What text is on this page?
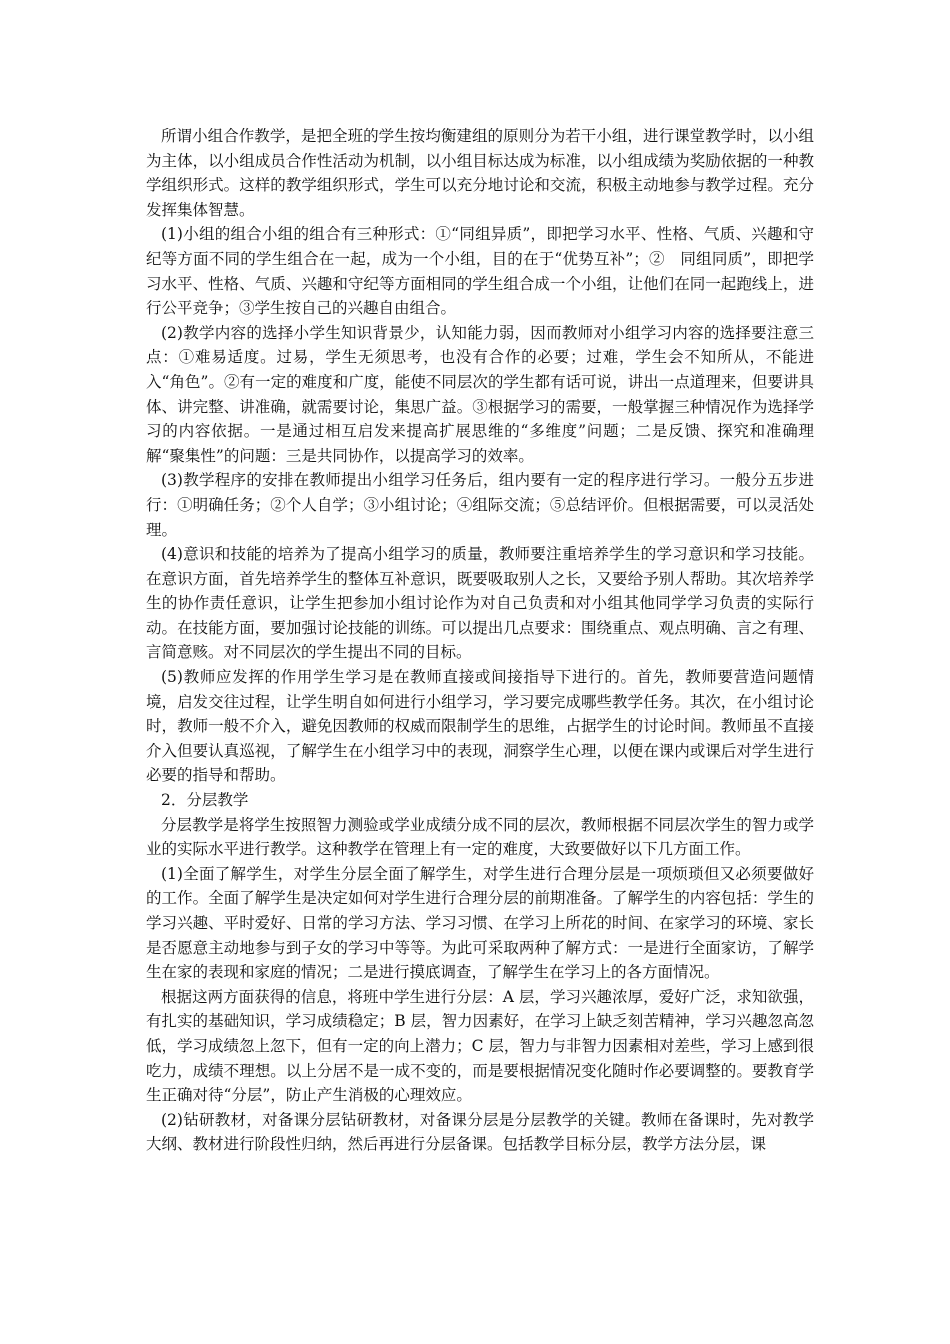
所谓小组合作教学，是把全班的学生按均衡建组的原则分为若干小组，进行课堂教学时，以小组为主体，以小组成员合作性活动为机制，以小组目标达成为标准，以小组成绩为奖励依据的一种教学组织形式。这样的教学组织形式，学生可以充分地讨论和交流，积极主动地参与教学过程。充分发挥集体智慧。

(1)小组的组合小组的组合有三种形式：①“同组异质”，即把学习水平、性格、气质、兴趣和守纪等方面不同的学生组合在一起，成为一个小组，目的在于“优势互补”；②　同组同质”，即把学习水平、性格、气质、兴趣和守纪等方面相同的学生组合成一个小组，让他们在同一起跑线上，进行公平竞争；③学生按自己的兴趣自由组合。

(2)教学内容的选择小学生知识背景少，认知能力弱，因而教师对小组学习内容的选择要注意三点：①难易适度。过易，学生无须思考，也没有合作的必要；过难，学生会不知所从，不能进入“角色”。②有一定的难度和广度，能使不同层次的学生都有话可说，讲出一点道理来，但要讲具体、讲完整、讲准确，就需要讨论，集思广益。③根据学习的需要，一般掌握三种情况作为选择学习的内容依据。一是通过相互启发来提高扩展思维的“多维度”问题；二是反馈、探究和准确理解“聚集性”的问题：三是共同协作，以提高学习的效率。

(3)教学程序的安排在教师提出小组学习任务后，组内要有一定的程序进行学习。一般分五步进行：①明确任务；②个人自学；③小组讨论；④组际交流；⑤总结评价。但根据需要，可以灵活处理。

(4)意识和技能的培养为了提高小组学习的质量，教师要注重培养学生的学习意识和学习技能。在意识方面，首先培养学生的整体互补意识，既要吸取别人之长，又要给予别人帮助。其次培养学生的协作责任意识，让学生把参加小组讨论作为对自己负责和对小组其他同学学习负责的实际行动。在技能方面，要加强讨论技能的训练。可以提出几点要求：围绕重点、观点明确、言之有理、言简意赅。对不同层次的学生提出不同的目标。

(5)教师应发挥的作用学生学习是在教师直接或间接指导下进行的。首先，教师要营造问题情境，启发交往过程，让学生明自如何进行小组学习，学习要完成哪些教学任务。其次，在小组讨论时，教师一般不介入，避免因教师的权威而限制学生的思维，占据学生的讨论时间。教师虽不直接介入但要认真巡视，了解学生在小组学习中的表现，洞察学生心理，以便在课内或课后对学生进行必要的指导和帮助。

2．分层教学

分层教学是将学生按照智力测验或学业成绩分成不同的层次，教师根据不同层次学生的智力或学业的实际水平进行教学。这种教学在管理上有一定的难度，大致要做好以下几方面工作。

(1)全面了解学生，对学生分层全面了解学生，对学生进行合理分层是一项烦琐但又必须要做好的工作。全面了解学生是决定如何对学生进行合理分层的前期准备。了解学生的内容包括：学生的学习兴趣、平时爱好、日常的学习方法、学习习惯、在学习上所花的时间、在家学习的环境、家长是否愿意主动地参与到子女的学习中等等。为此可采取两种了解方式：一是进行全面家访，了解学生在家的表现和家庭的情况；二是进行摸底调查，了解学生在学习上的各方面情况。

根据这两方面获得的信息，将班中学生进行分层：A 层，学习兴趣浓厚，爱好广泛，求知欲强，有扎实的基础知识，学习成绩稳定；B 层，智力因素好，在学习上缺乏刻苦精神，学习兴趣忽高忽低，学习成绩忽上忽下，但有一定的向上潜力；C 层，智力与非智力因素相对差些，学习上感到很吃力，成绩不理想。以上分居不是一成不变的，而是要根据情况变化随时作必要调整的。要教育学生正确对待“分层”，防止产生消极的心理效应。

(2)钻研教材，对备课分层钻研教材，对备课分层是分层教学的关键。教师在备课时，先对教学大纲、教材进行阶段性归纳，然后再进行分层备课。包括教学目标分层，教学方法分层，课
